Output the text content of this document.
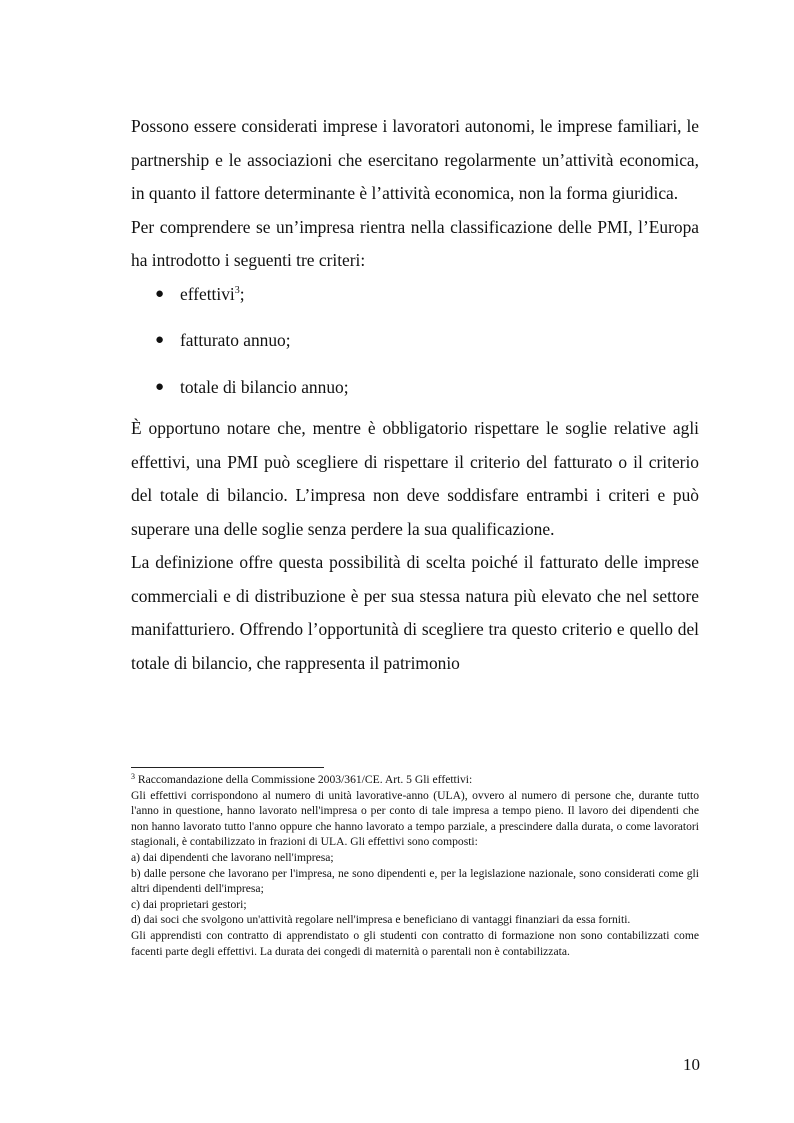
Possono essere considerati imprese i lavoratori autonomi, le imprese familiari, le partnership e le associazioni che esercitano regolarmente un’attività economica, in quanto il fattore determinante è l’attività economica, non la forma giuridica.

Per comprendere se un’impresa rientra nella classificazione delle PMI, l’Europa ha introdotto i seguenti tre criteri:

● effettivi$^3$;
● fatturato annuo;
● totale di bilancio annuo;

È opportuno notare che, mentre è obbligatorio rispettare le soglie relative agli effettivi, una PMI può scegliere di rispettare il criterio del fatturato o il criterio del totale di bilancio. L’impresa non deve soddisfare entrambi i criteri e può superare una delle soglie senza perdere la sua qualificazione.

La definizione offre questa possibilità di scelta poiché il fatturato delle imprese commerciali e di distribuzione è per sua stessa natura più elevato che nel settore manifatturiero. Offrendo l’opportunità di scegliere tra questo criterio e quello del totale di bilancio, che rappresenta il patrimonio

$^3$ Raccomandazione della Commissione 2003/361/CE. Art. 5 Gli effettivi:

Gli effettivi corrispondono al numero di unità lavorative-anno (ULA), ovvero al numero di persone che, durante tutto l'anno in questione, hanno lavorato nell'impresa o per conto di tale impresa a tempo pieno. Il lavoro dei dipendenti che non hanno lavorato tutto l'anno oppure che hanno lavorato a tempo parziale, a prescindere dalla durata, o come lavoratori stagionali, è contabilizzato in frazioni di ULA. Gli effettivi sono composti:

a) dai dipendenti che lavorano nell'impresa;

b) dalle persone che lavorano per l'impresa, ne sono dipendenti e, per la legislazione nazionale, sono considerati come gli altri dipendenti dell'impresa;

c) dai proprietari gestori;

d) dai soci che svolgono un'attività regolare nell'impresa e beneficiano di vantaggi finanziari da essa forniti.

Gli apprendisti con contratto di apprendistato o gli studenti con contratto di formazione non sono contabilizzati come facenti parte degli effettivi. La durata dei congedi di maternità o parentali non è contabilizzata.

10
